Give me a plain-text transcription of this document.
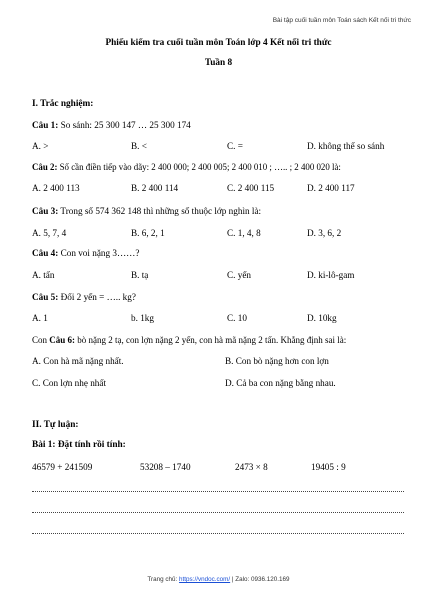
Bài tập cuối tuần môn Toán sách Kết nối tri thức
Phiếu kiểm tra cuối tuần môn Toán lớp 4 Kết nối tri thức
Tuần 8
I. Trắc nghiệm:
Câu 1: So sánh: 25 300 147 … 25 300 174
A. >	B. <	C. =	D. không thể so sánh
Câu 2: Số cần điền tiếp vào dãy: 2 400 000; 2 400 005; 2 400 010 ; ….. ; 2 400 020 là:
A. 2 400 113	B. 2 400 114	C. 2 400 115	D. 2 400 117
Câu 3: Trong số 574 362 148 thì những số thuộc lớp nghìn là:
A. 5, 7, 4	B. 6, 2, 1	C. 1, 4, 8	D. 3, 6, 2
Câu 4: Con voi nặng 3……?
A. tấn	B. tạ	C. yến	D. ki-lô-gam
Câu 5: Đổi 2 yến = ….. kg?
A. 1	b. 1kg	C. 10	D. 10kg
Con Câu 6: bò nặng 2 tạ, con lợn nặng 2 yến, con hà mã nặng 2 tấn. Khẳng định sai là:
A. Con hà mã nặng nhất.	B. Con bò nặng hơn con lợn
C. Con lợn nhẹ nhất	D. Cả ba con nặng bằng nhau.
II. Tự luận:
Bài 1: Đặt tính rồi tính:
46579 + 241509	53208 – 1740	2473 × 8	19405 : 9
Trang chủ: https://vndoc.com/ | Zalo: 0936.120.169
